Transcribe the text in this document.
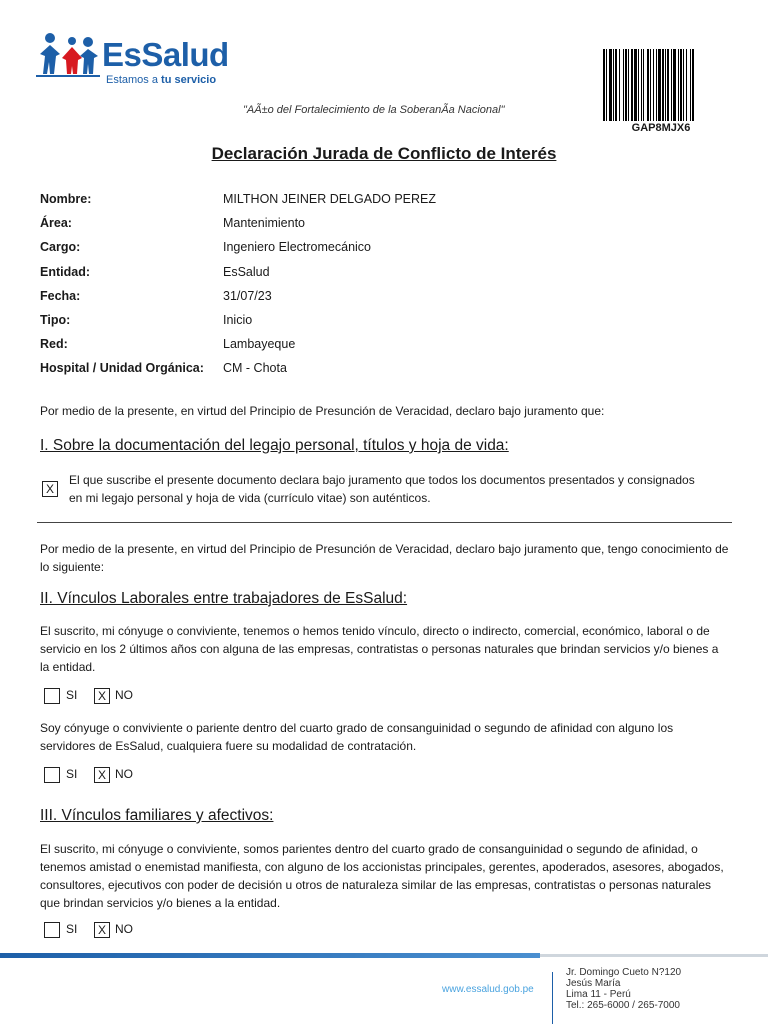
EsSalud
Estamos a tu servicio
GAP8MJX6
"AÃ±o del Fortalecimiento de la SoberanÃa Nacional"
Declaración Jurada de Conflicto de Interés
Nombre:	MILTHON JEINER DELGADO PEREZ
Área:	Mantenimiento
Cargo:	Ingeniero Electromecánico
Entidad:	EsSalud
Fecha:	31/07/23
Tipo:	Inicio
Red:	Lambayeque
Hospital / Unidad Orgánica: CM - Chota
Por medio de la presente, en virtud del Principio de Presunción de Veracidad, declaro bajo juramento que:
I. Sobre la documentación del legajo personal, títulos y hoja de vida:
X
El que suscribe el presente documento declara bajo juramento que todos los documentos presentados y consignados en mi legajo personal y hoja de vida (currículo vitae) son auténticos.
Por medio de la presente, en virtud del Principio de Presunción de Veracidad, declaro bajo juramento que, tengo conocimiento de lo siguiente:
II. Vínculos Laborales entre trabajadores de EsSalud:
El suscrito, mi cónyuge o conviviente, tenemos o hemos tenido vínculo, directo o indirecto, comercial, económico, laboral o de servicio en los 2 últimos años con alguna de las empresas, contratistas o personas naturales que brindan servicios y/o bienes a la entidad.
SI	X NO
Soy cónyuge o conviviente o pariente dentro del cuarto grado de consanguinidad o segundo de afinidad con alguno los servidores de EsSalud, cualquiera fuere su modalidad de contratación.
SI	X NO
III. Vínculos familiares y afectivos:
El suscrito, mi cónyuge o conviviente, somos parientes dentro del cuarto grado de consanguinidad o segundo de afinidad, o tenemos amistad o enemistad manifiesta, con alguno de los accionistas principales, gerentes, apoderados, asesores, abogados, consultores, ejecutivos con poder de decisión u otros de naturaleza similar de las empresas, contratistas o personas naturales que brindan servicios y/o bienes a la entidad.
SI	X NO
www.essalud.gob.pe
Jr. Domingo Cueto N?120
Jesús María
Lima 11 - Perú
Tel.: 265-6000 / 265-7000
